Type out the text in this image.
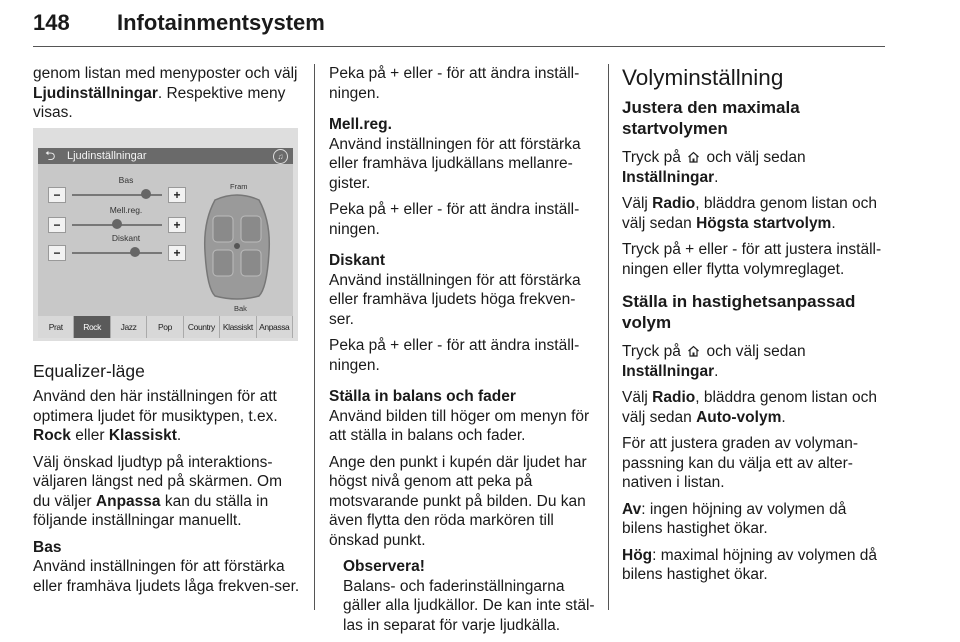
148 Infotainmentsystem

genom listan med menyposter och välj Ljudinställningar. Respektive meny visas.

⮌ Ljudinställningar	♫
Bas
−	+
Mell.reg.
−	+
Diskant
−	+
Fram
Bak
Prat	Rock	Jazz	Pop	Country Klassiskt Anpassa
Equalizer-läge

Använd den här inställningen för att optimera ljudet för musiktypen, t.ex. Rock eller Klassiskt.

Välj önskad ljudtyp på interaktions-väljaren längst ned på skärmen. Om du väljer Anpassa kan du ställa in följande inställningar manuellt.

Bas
Använd inställningen för att förstärka eller framhäva ljudets låga frekven-ser.

Peka på + eller - för att ändra inställ-ningen.

Mell.reg.
Använd inställningen för att förstärka eller framhäva ljudkällans mellanre-gister.

Peka på + eller - för att ändra inställ-ningen.

Diskant
Använd inställningen för att förstärka eller framhäva ljudets höga frekven-ser.

Peka på + eller - för att ändra inställ-ningen.

Ställa in balans och fader
Använd bilden till höger om menyn för att ställa in balans och fader.

Ange den punkt i kupén där ljudet har högst nivå genom att peka på motsvarande punkt på bilden. Du kan även flytta den röda markören till önskad punkt.

Observera!
Balans- och faderinställningarna gäller alla ljudkällor. De kan inte stäl-las in separat för varje ljudkälla.

Volyminställning
Justera den maximala startvolymen

Tryck på
och välj sedan
Inställningar.

Välj Radio, bläddra genom listan och välj sedan Högsta startvolym.

Tryck på + eller - för att justera inställ-ningen eller flytta volymreglaget.

Ställa in hastighetsanpassad volym

Tryck på
och välj sedan
Inställningar.

Välj Radio, bläddra genom listan och välj sedan Auto-volym.

För att justera graden av volyman-passning kan du välja ett av alter-nativen i listan.

Av: ingen höjning av volymen då bilens hastighet ökar.

Hög: maximal höjning av volymen då bilens hastighet ökar.
